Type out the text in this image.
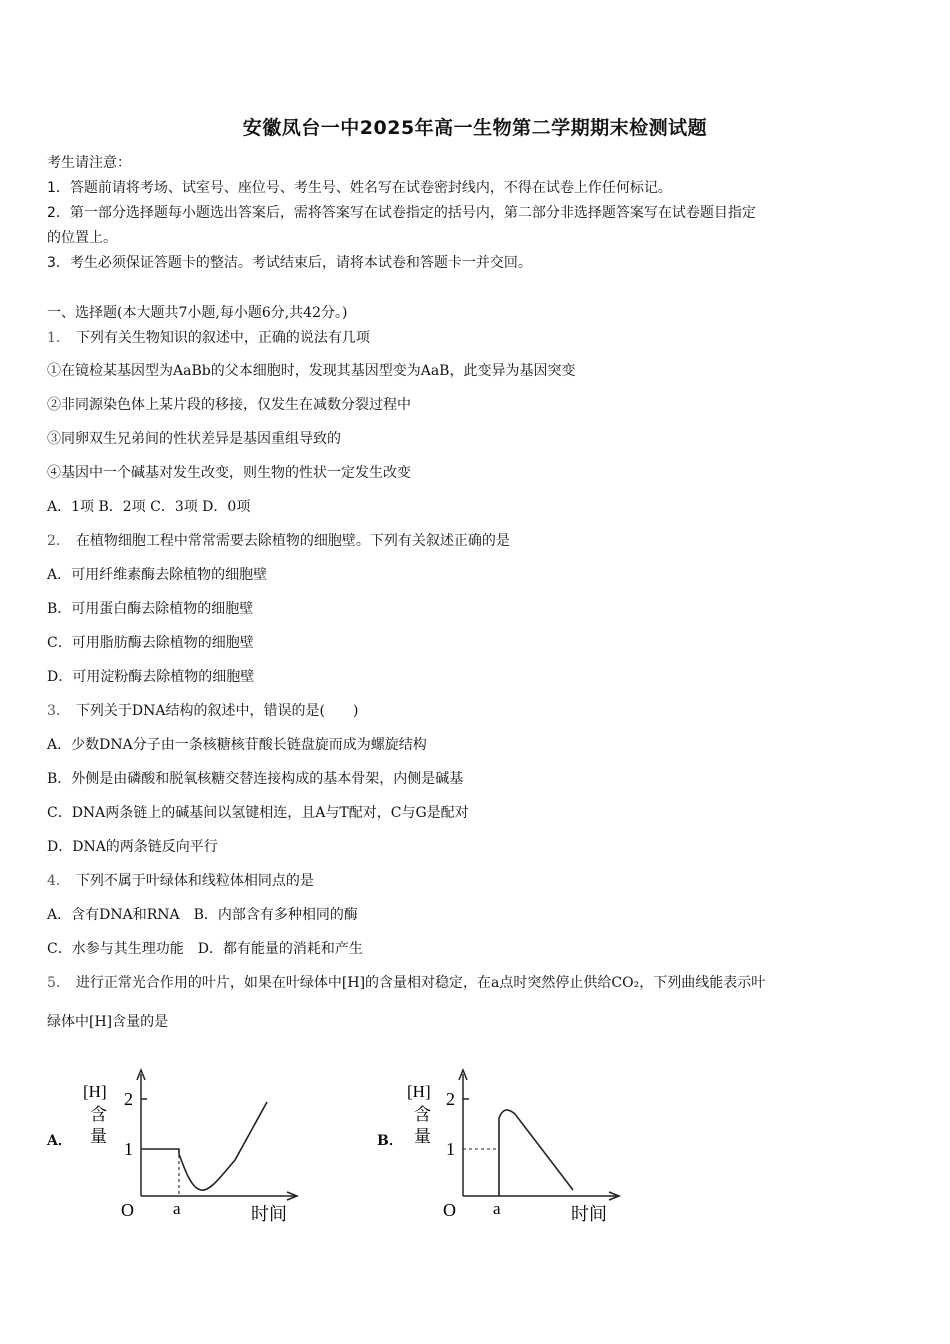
安徽凤台一中2025年高一生物第二学期期末检测试题
考生请注意：
1．答题前请将考场、试室号、座位号、考生号、姓名写在试卷密封线内，不得在试卷上作任何标记。
2．第一部分选择题每小题选出答案后，需将答案写在试卷指定的括号内，第二部分非选择题答案写在试卷题目指定
的位置上。
3．考生必须保证答题卡的整洁。考试结束后，请将本试卷和答题卡一并交回。
一、选择题(本大题共7小题,每小题6分,共42分。)
1． 下列有关生物知识的叙述中，正确的说法有几项
①在镜检某基因型为AaBb的父本细胞时，发现其基因型变为AaB，此变异为基因突变
②非同源染色体上某片段的移接，仅发生在减数分裂过程中
③同卵双生兄弟间的性状差异是基因重组导致的
④基因中一个碱基对发生改变，则生物的性状一定发生改变
A．1项 B．2项 C．3项 D．0项
2． 在植物细胞工程中常常需要去除植物的细胞壁。下列有关叙述正确的是
A．可用纤维素酶去除植物的细胞壁
B．可用蛋白酶去除植物的细胞壁
C．可用脂肪酶去除植物的细胞壁
D．可用淀粉酶去除植物的细胞壁
3． 下列关于DNA结构的叙述中，错误的是(　　)
A．少数DNA分子由一条核糖核苷酸长链盘旋而成为螺旋结构
B．外侧是由磷酸和脱氧核糖交替连接构成的基本骨架，内侧是碱基
C．DNA两条链上的碱基间以氢键相连，且A与T配对，C与G是配对
D．DNA的两条链反向平行
4． 下列不属于叶绿体和线粒体相同点的是
A．含有DNA和RNA　B．内部含有多种相同的酶
C．水参与其生理功能　D．都有能量的消耗和产生
5． 进行正常光合作用的叶片，如果在叶绿体中[H]的含量相对稳定，在a点时突然停止供给CO₂，下列曲线能表示叶
绿体中[H]含量的是
A．
[H]
含
量
2
1
O a	时间
B．
[H]
含
量
2
1
O a	时间
